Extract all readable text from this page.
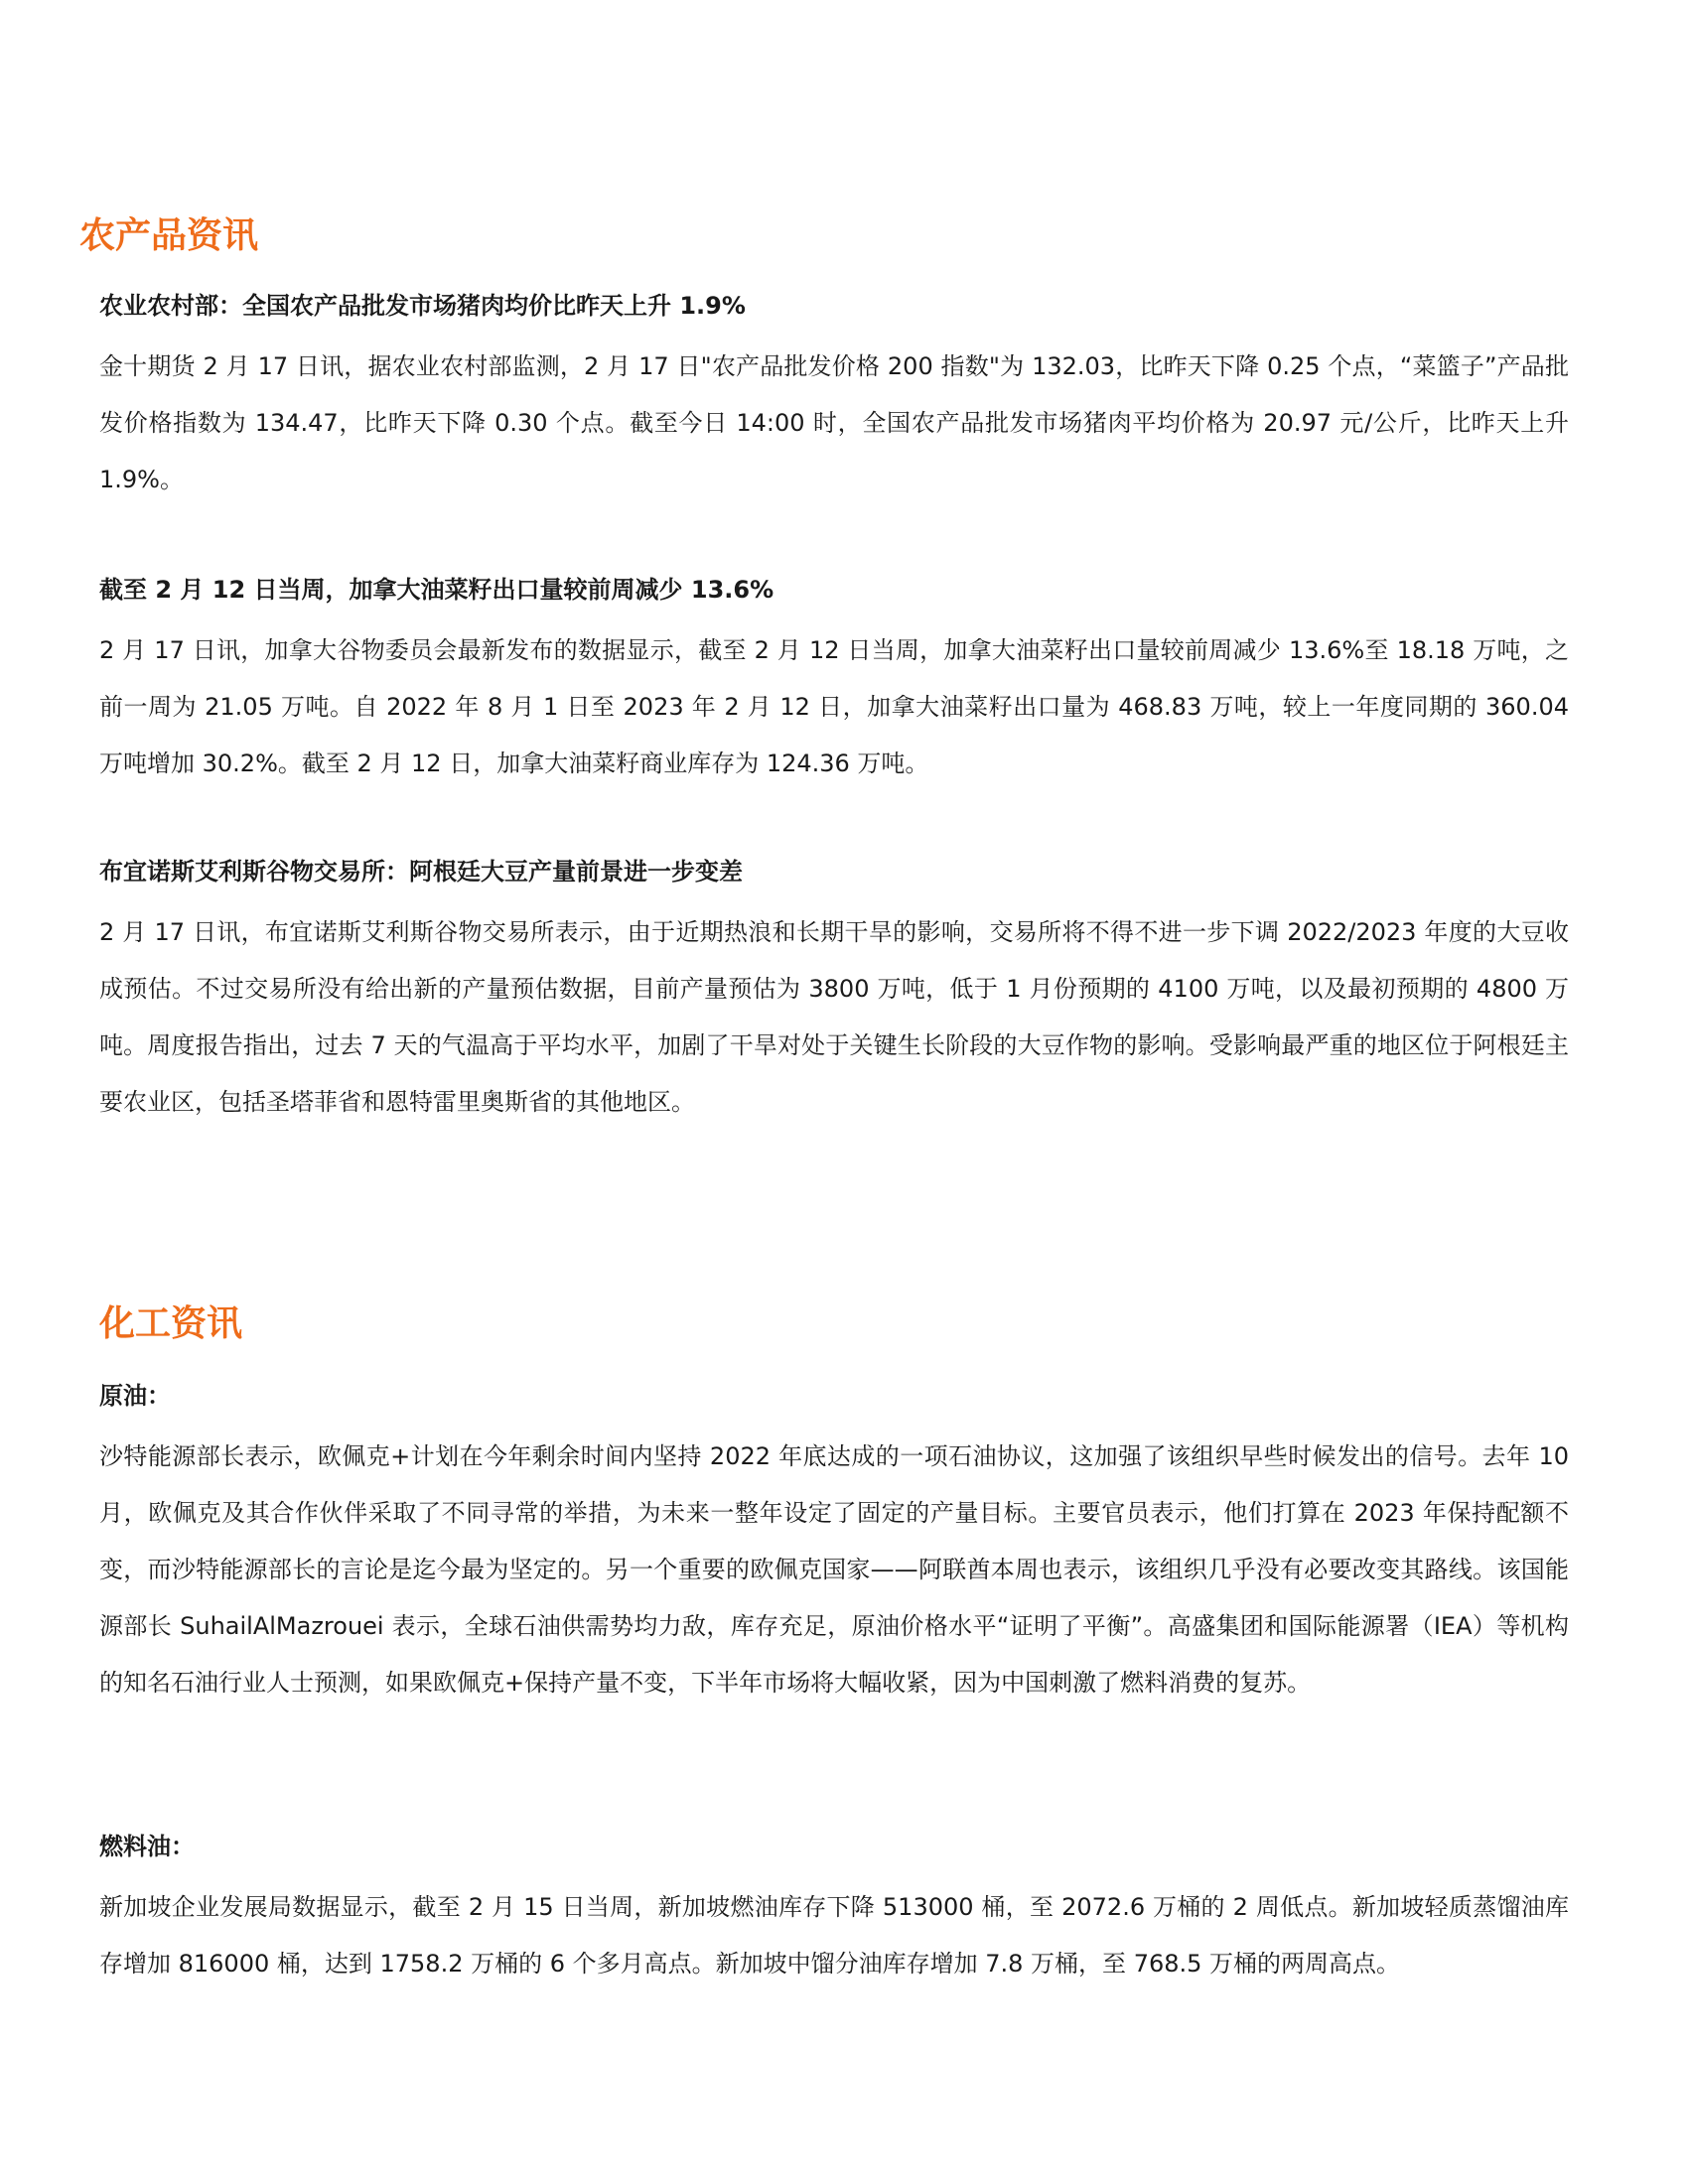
农产品资讯
农业农村部：全国农产品批发市场猪肉均价比昨天上升 1.9%

金十期货 2 月 17 日讯，据农业农村部监测，2 月 17 日"农产品批发价格 200 指数"为 132.03，比昨天下降 0.25 个点，“菜篮子”产品批发价格指数为 134.47，比昨天下降 0.30 个点。截至今日 14:00 时，全国农产品批发市场猪肉平均价格为 20.97 元/公斤，比昨天上升 1.9%。

截至 2 月 12 日当周，加拿大油菜籽出口量较前周减少 13.6%

2 月 17 日讯，加拿大谷物委员会最新发布的数据显示，截至 2 月 12 日当周，加拿大油菜籽出口量较前周减少 13.6%至 18.18 万吨，之前一周为 21.05 万吨。自 2022 年 8 月 1 日至 2023 年 2 月 12 日，加拿大油菜籽出口量为 468.83 万吨，较上一年度同期的 360.04 万吨增加 30.2%。截至 2 月 12 日，加拿大油菜籽商业库存为 124.36 万吨。

布宜诺斯艾利斯谷物交易所：阿根廷大豆产量前景进一步变差

2 月 17 日讯，布宜诺斯艾利斯谷物交易所表示，由于近期热浪和长期干旱的影响，交易所将不得不进一步下调 2022/2023 年度的大豆收成预估。不过交易所没有给出新的产量预估数据，目前产量预估为 3800 万吨，低于 1 月份预期的 4100 万吨，以及最初预期的 4800 万吨。周度报告指出，过去 7 天的气温高于平均水平，加剧了干旱对处于关键生长阶段的大豆作物的影响。受影响最严重的地区位于阿根廷主要农业区，包括圣塔菲省和恩特雷里奥斯省的其他地区。

化工资讯
原油：

沙特能源部长表示，欧佩克+计划在今年剩余时间内坚持 2022 年底达成的一项石油协议，这加强了该组织早些时候发出的信号。去年 10 月，欧佩克及其合作伙伴采取了不同寻常的举措，为未来一整年设定了固定的产量目标。主要官员表示，他们打算在 2023 年保持配额不变，而沙特能源部长的言论是迄今最为坚定的。另一个重要的欧佩克国家——阿联酋本周也表示，该组织几乎没有必要改变其路线。该国能源部长 SuhailAlMazrouei 表示，全球石油供需势均力敌，库存充足，原油价格水平“证明了平衡”。高盛集团和国际能源署（IEA）等机构的知名石油行业人士预测，如果欧佩克+保持产量不变，下半年市场将大幅收紧，因为中国刺激了燃料消费的复苏。

燃料油：

新加坡企业发展局数据显示，截至 2 月 15 日当周，新加坡燃油库存下降 513000 桶，至 2072.6 万桶的 2 周低点。新加坡轻质蒸馏油库存增加 816000 桶，达到 1758.2 万桶的 6 个多月高点。新加坡中馏分油库存增加 7.8 万桶，至 768.5 万桶的两周高点。
